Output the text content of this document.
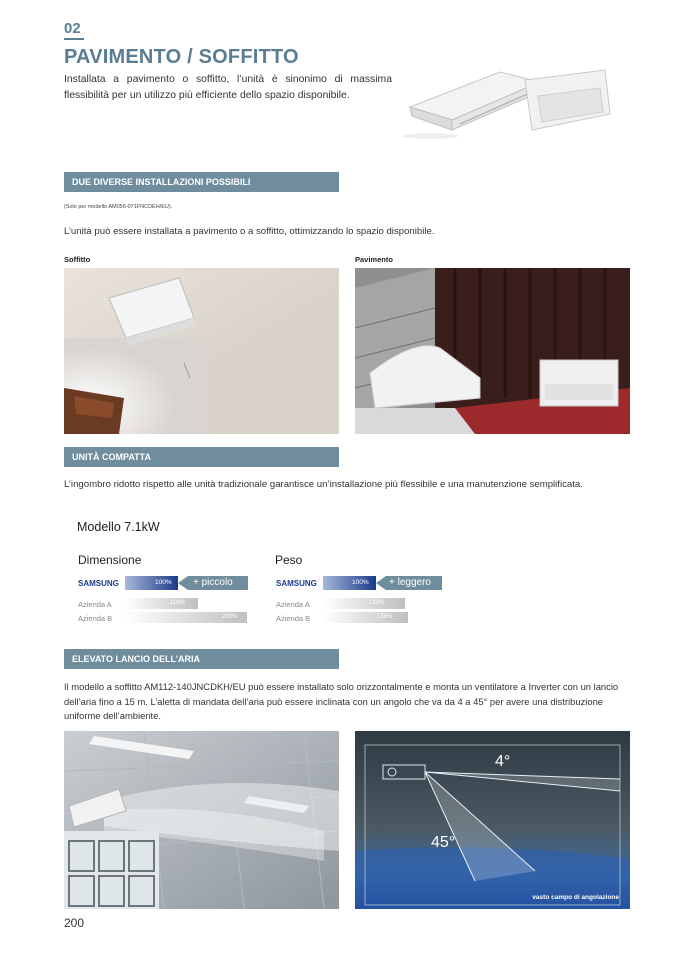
02
PAVIMENTO / SOFFITTO
Installata a pavimento o soffitto, l’unità è sinonimo di massima flessibilità per un utilizzo più efficiente dello spazio disponibile.
DUE DIVERSE INSTALLAZIONI POSSIBILI
(Solo per modello AM056-071FNCDEH/EU).
L’unità può essere installata a pavimento o a soffitto, ottimizzando lo spazio disponibile.
Soffitto	Pavimento
UNITÀ COMPATTA
L’ingombro ridotto rispetto alle unità tradizionale garantisce un’installazione più flessibile e una manutenzione semplificata.
Modello 7.1kW
Dimensione
SAMSUNG	100% + piccolo
Azienda A	118%
Azienda B	200%
Peso
SAMSUNG	100% + leggero
Azienda A	129%
Azienda B	136%
ELEVATO LANCIO DELL’ARIA
Il modello a soffitto AM112-140JNCDKH/EU può essere installato solo orizzontalmente e monta un ventilatore a Inverter con un lancio dell’aria fino a 15 m. L’aletta di mandata dell’aria può essere inclinata con un angolo che va da 4 a 45° per avere una distribuzione uniforme dell’ambiente.
4°
45°
vasto campo di angolazione
200
